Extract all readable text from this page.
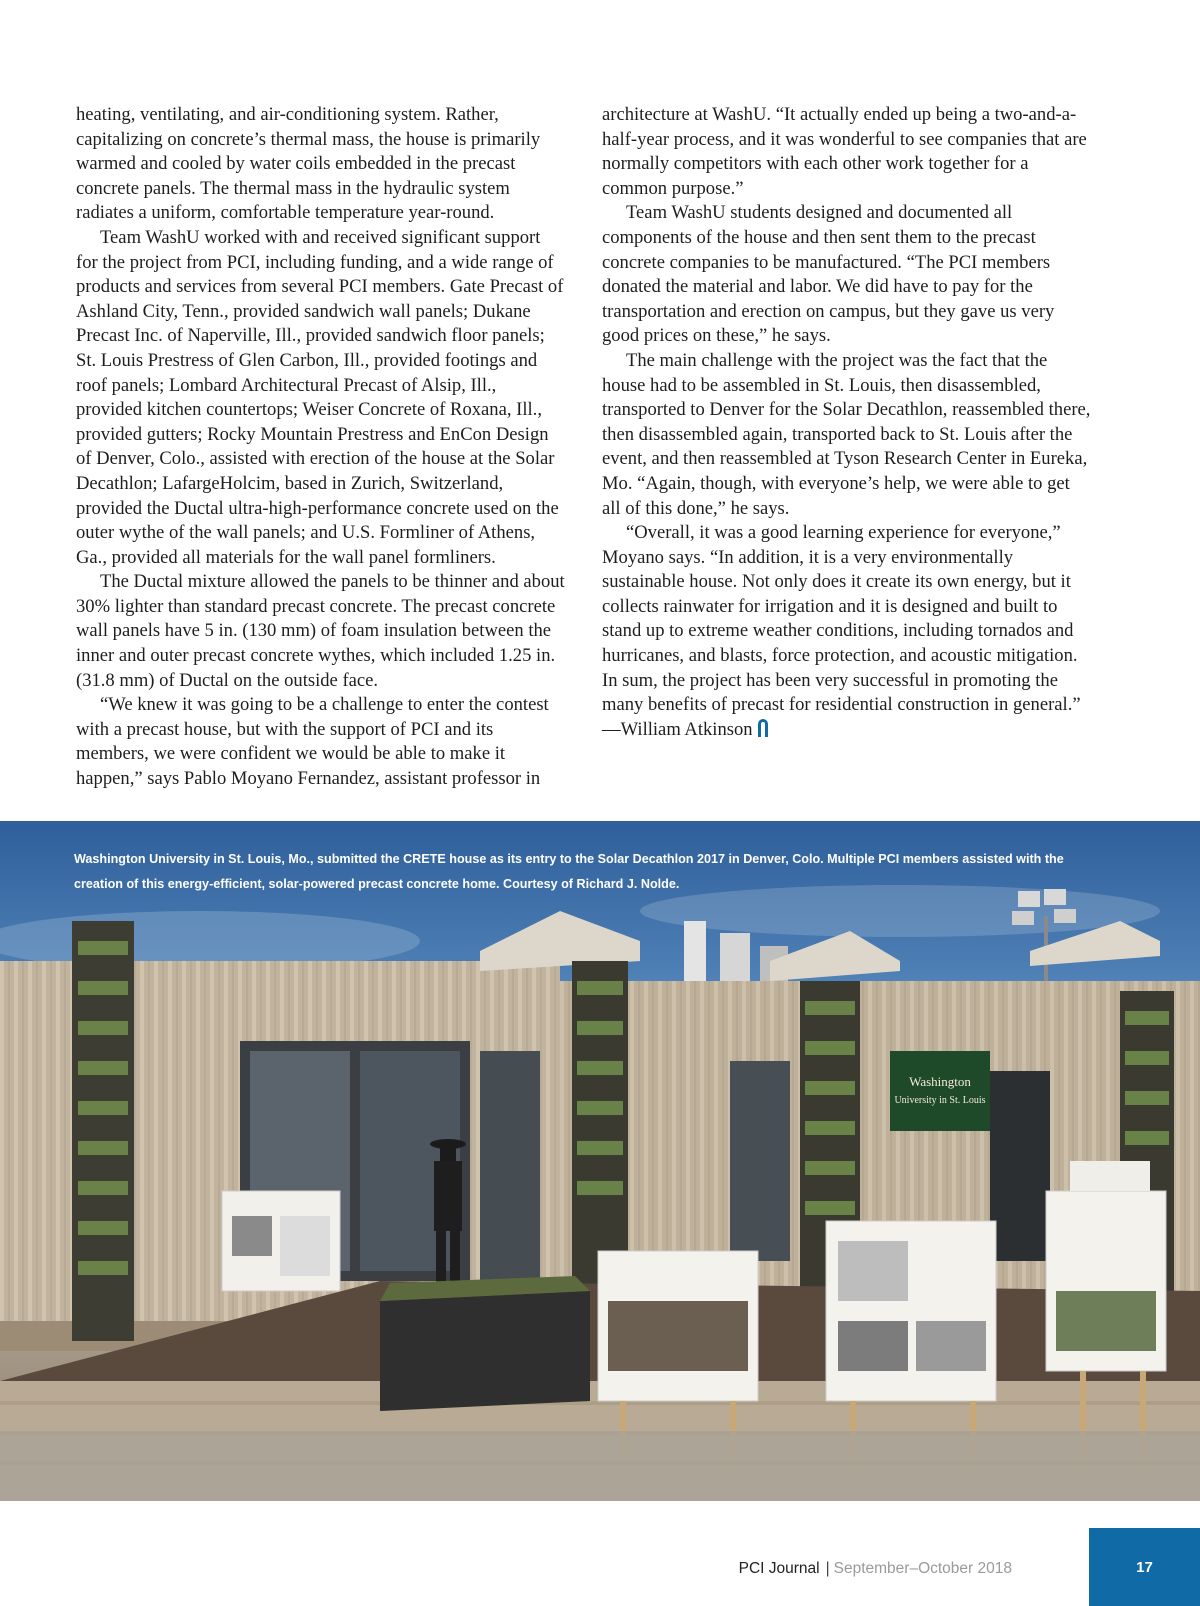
heating, ventilating, and air-conditioning system. Rather, capitalizing on concrete’s thermal mass, the house is primarily warmed and cooled by water coils embedded in the precast concrete panels. The thermal mass in the hydraulic system radiates a uniform, comfortable temperature year-round.

Team WashU worked with and received significant support for the project from PCI, including funding, and a wide range of products and services from several PCI members. Gate Precast of Ashland City, Tenn., provided sandwich wall panels; Dukane Precast Inc. of Naperville, Ill., provided sandwich floor panels; St. Louis Prestress of Glen Carbon, Ill., provided footings and roof panels; Lombard Architectural Precast of Alsip, Ill., provided kitchen countertops; Weiser Concrete of Roxana, Ill., provided gutters; Rocky Mountain Prestress and EnCon Design of Denver, Colo., assisted with erection of the house at the Solar Decathlon; LafargeHolcim, based in Zurich, Switzerland, provided the Ductal ultra-high-performance concrete used on the outer wythe of the wall panels; and U.S. Formliner of Athens, Ga., provided all materials for the wall panel formliners.

The Ductal mixture allowed the panels to be thinner and about 30% lighter than standard precast concrete. The precast concrete wall panels have 5 in. (130 mm) of foam insulation between the inner and outer precast concrete wythes, which included 1.25 in. (31.8 mm) of Ductal on the outside face.

“We knew it was going to be a challenge to enter the contest with a precast house, but with the support of PCI and its members, we were confident we would be able to make it happen,” says Pablo Moyano Fernandez, assistant professor in

architecture at WashU. “It actually ended up being a two-and-a-half-year process, and it was wonderful to see companies that are normally competitors with each other work together for a common purpose.”

Team WashU students designed and documented all components of the house and then sent them to the precast concrete companies to be manufactured. “The PCI members donated the material and labor. We did have to pay for the transportation and erection on campus, but they gave us very good prices on these,” he says.

The main challenge with the project was the fact that the house had to be assembled in St. Louis, then disassembled, transported to Denver for the Solar Decathlon, reassembled there, then disassembled again, transported back to St. Louis after the event, and then reassembled at Tyson Research Center in Eureka, Mo. “Again, though, with everyone’s help, we were able to get all of this done,” he says.

“Overall, it was a good learning experience for everyone,” Moyano says. “In addition, it is a very environmentally sustainable house. Not only does it create its own energy, but it collects rainwater for irrigation and it is designed and built to stand up to extreme weather conditions, including tornados and hurricanes, and blasts, force protection, and acoustic mitigation. In sum, the project has been very successful in promoting the many benefits of precast for residential construction in general.”

—William Atkinson

Washington University in St. Louis, Mo., submitted the CRETE house as its entry to the Solar Decathlon 2017 in Denver, Colo. Multiple PCI members assisted with the creation of this energy-efficient, solar-powered precast concrete home. Courtesy of Richard J. Nolde.
Washington
University in St. Louis
PCI Journal | September–October 2018	17
